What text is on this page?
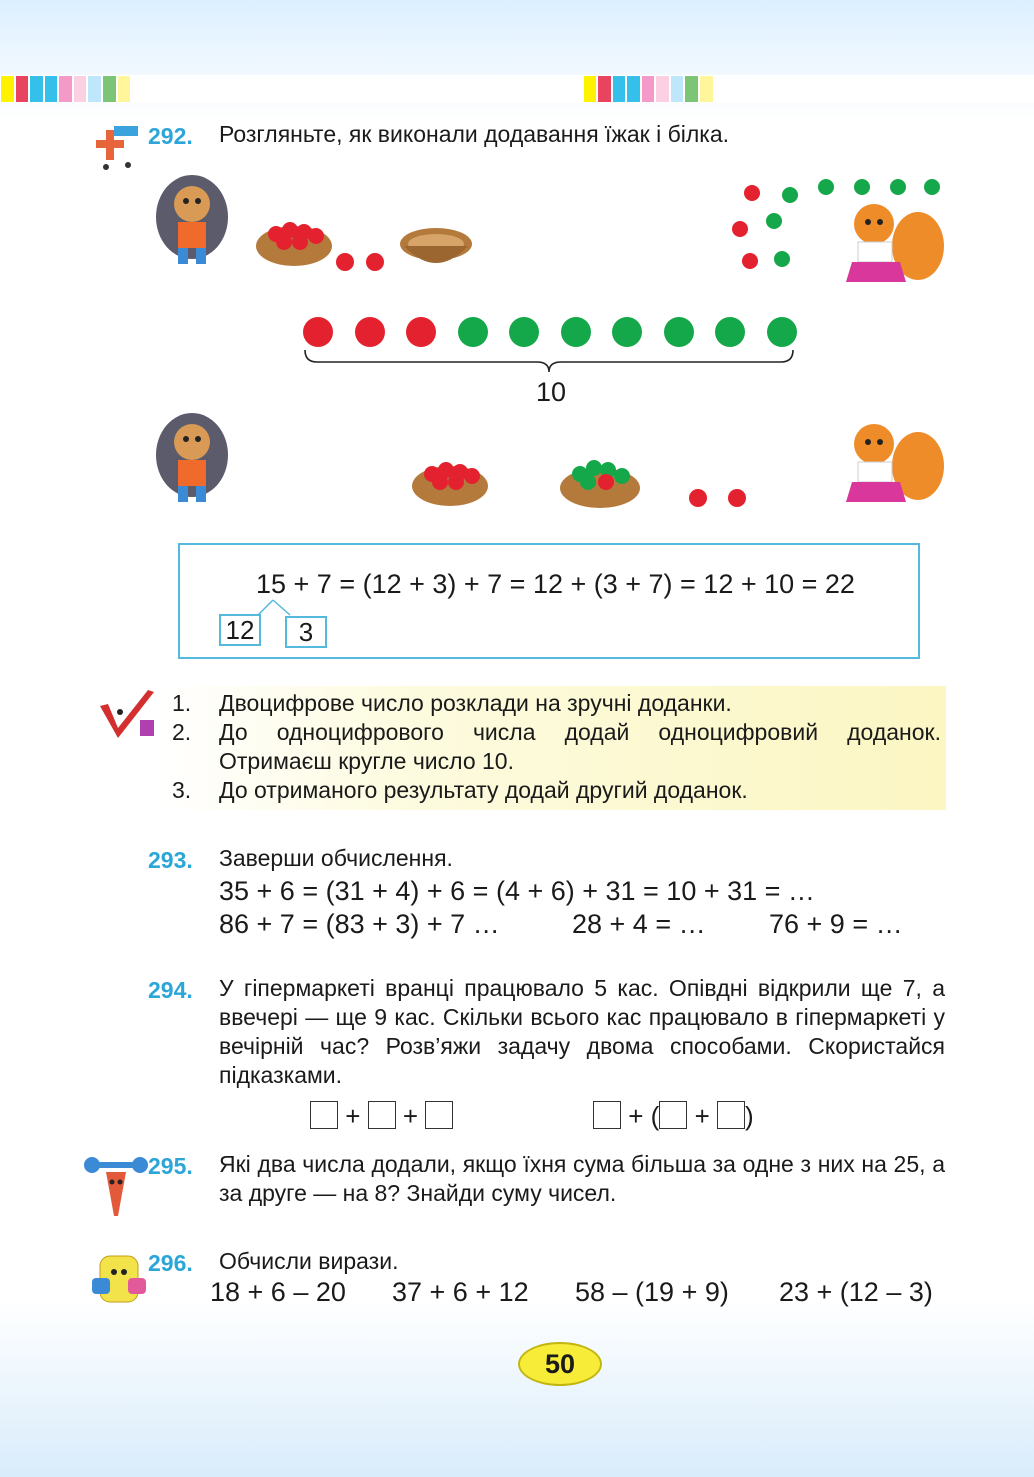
292. Розгляньте, як виконали додавання їжак і білка.
10
15 + 7 = (12 + 3) + 7 = 12 + (3 + 7) = 12 + 10 = 22
12	3
1. Двоцифрове число розклади на зручні доданки.
2. До одноцифрового числа додай одноцифровий доданок. Отримаєш кругле число 10.
3. До отриманого результату додай другий доданок.
293. Заверши обчислення.
35 + 6 = (31 + 4) + 6 = (4 + 6) + 31 = 10 + 31 = …
86 + 7 = (83 + 3) + 7 …	28 + 4 = … 76 + 9 = …
294. У гіпермаркеті вранці працювало 5 кас. Опівдні відкрили ще 7, а ввечері — ще 9 кас. Скільки всього кас працювало в гіпермаркеті у вечірній час? Розв’яжи задачу двома способами. Скористайся підказками.
+ +	+ ( + )
295. Які два числа додали, якщо їхня сума більша за одне з них на 25, а за друге — на 8? Знайди суму чисел.
296. Обчисли вирази.
18 + 6 – 20 37 + 6 + 12 58 – (19 + 9) 23 + (12 – 3)
50
